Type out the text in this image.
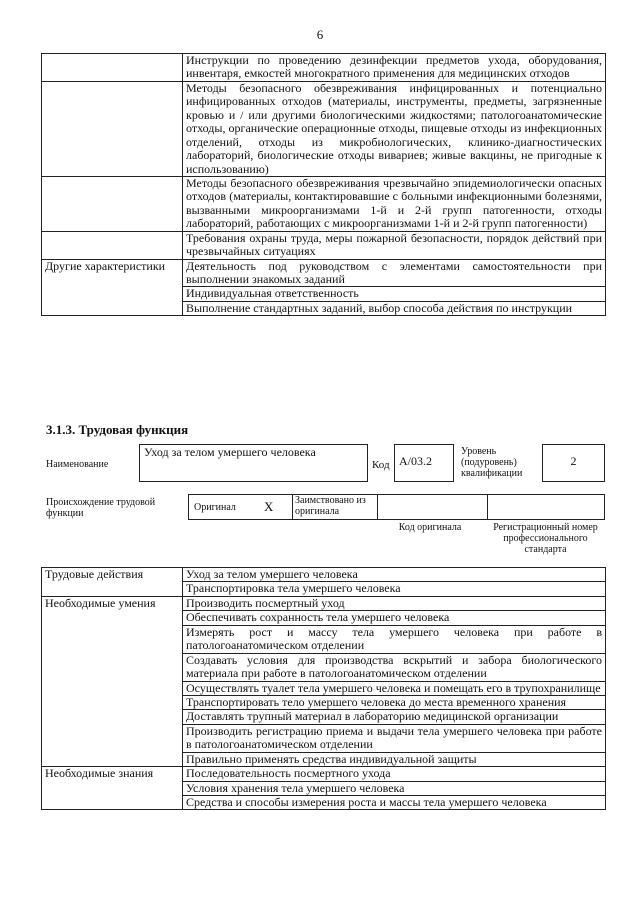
6
	Инструкции по проведению дезинфекции предметов ухода, оборудования, инвентаря, емкостей многократного применения для медицинских отходов
	Методы безопасного обезвреживания инфицированных и потенциально инфицированных отходов (материалы, инструменты, предметы, загрязненные кровью и / или другими биологическими жидкостями; патологоанатомические отходы, органические операционные отходы, пищевые отходы из инфекционных отделений, отходы из микробиологических, клинико-диагностических лабораторий, биологические отходы вивариев; живые вакцины, не пригодные к использованию)
	Методы безопасного обезвреживания чрезвычайно эпидемиологически опасных отходов (материалы, контактировавшие с больными инфекционными болезнями, вызванными микроорганизмами 1-й и 2-й групп патогенности, отходы лабораторий, работающих с микроорганизмами 1-й и 2-й групп патогенности)
	Требования охраны труда, меры пожарной безопасности, порядок действий при чрезвычайных ситуациях
Другие характеристики	Деятельность под руководством с элементами самостоятельности при выполнении знакомых заданий
	Индивидуальная ответственность
	Выполнение стандартных заданий, выбор способа действия по инструкции
3.1.3. Трудовая функция
Наименование
Уход за телом умершего человека
Код А/03.2
Уровень (подуровень) квалификации
2
Происхождение трудовой функции
Оригинал X	Заимствовано из оригинала
Код оригинала	Регистрационный номер профессионального стандарта
Трудовые действия	Уход за телом умершего человека
	Транспортировка тела умершего человека
Необходимые умения	Производить посмертный уход
	Обеспечивать сохранность тела умершего человека
	Измерять рост и массу тела умершего человека при работе в патологоанатомическом отделении
	Создавать условия для производства вскрытий и забора биологического материала при работе в патологоанатомическом отделении
	Осуществлять туалет тела умершего человека и помещать его в трупохранилище
	Транспортировать тело умершего человека до места временного хранения
	Доставлять трупный материал в лабораторию медицинской организации
	Производить регистрацию приема и выдачи тела умершего человека при работе в патологоанатомическом отделении
	Правильно применять средства индивидуальной защиты
Необходимые знания	Последовательность посмертного ухода
	Условия хранения тела умершего человека
	Средства и способы измерения роста и массы тела умершего человека
